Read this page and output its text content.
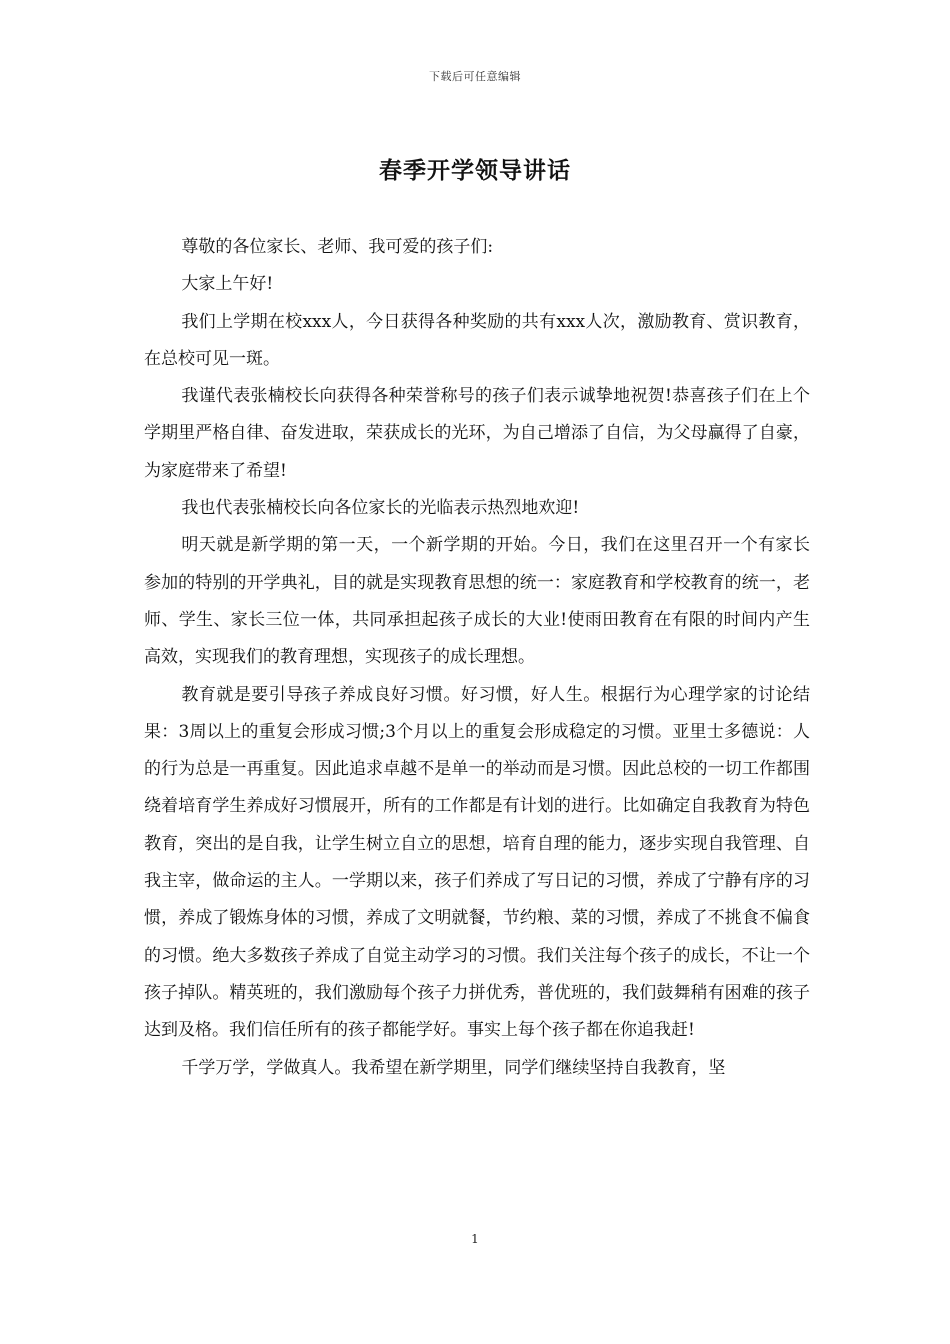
下载后可任意编辑
春季开学领导讲话

尊敬的各位家长、老师、我可爱的孩子们:

大家上午好!

我们上学期在校xxx人，今日获得各种奖励的共有xxx人次，激励教育、赏识教育，在总校可见一斑。

我谨代表张楠校长向获得各种荣誉称号的孩子们表示诚挚地祝贺!恭喜孩子们在上个学期里严格自律、奋发进取，荣获成长的光环，为自己增添了自信，为父母赢得了自豪，为家庭带来了希望!

我也代表张楠校长向各位家长的光临表示热烈地欢迎!

明天就是新学期的第一天，一个新学期的开始。今日，我们在这里召开一个有家长参加的特别的开学典礼，目的就是实现教育思想的统一：家庭教育和学校教育的统一，老师、学生、家长三位一体，共同承担起孩子成长的大业!使雨田教育在有限的时间内产生高效，实现我们的教育理想，实现孩子的成长理想。

教育就是要引导孩子养成良好习惯。好习惯，好人生。根据行为心理学家的讨论结果：3周以上的重复会形成习惯;3个月以上的重复会形成稳定的习惯。亚里士多德说：人的行为总是一再重复。因此追求卓越不是单一的举动而是习惯。因此总校的一切工作都围绕着培育学生养成好习惯展开，所有的工作都是有计划的进行。比如确定自我教育为特色教育，突出的是自我，让学生树立自立的思想，培育自理的能力，逐步实现自我管理、自我主宰，做命运的主人。一学期以来，孩子们养成了写日记的习惯，养成了宁静有序的习惯，养成了锻炼身体的习惯，养成了文明就餐，节约粮、菜的习惯，养成了不挑食不偏食的习惯。绝大多数孩子养成了自觉主动学习的习惯。我们关注每个孩子的成长，不让一个孩子掉队。精英班的，我们激励每个孩子力拼优秀，普优班的，我们鼓舞稍有困难的孩子达到及格。我们信任所有的孩子都能学好。事实上每个孩子都在你追我赶!

千学万学，学做真人。我希望在新学期里，同学们继续坚持自我教育，坚

1
